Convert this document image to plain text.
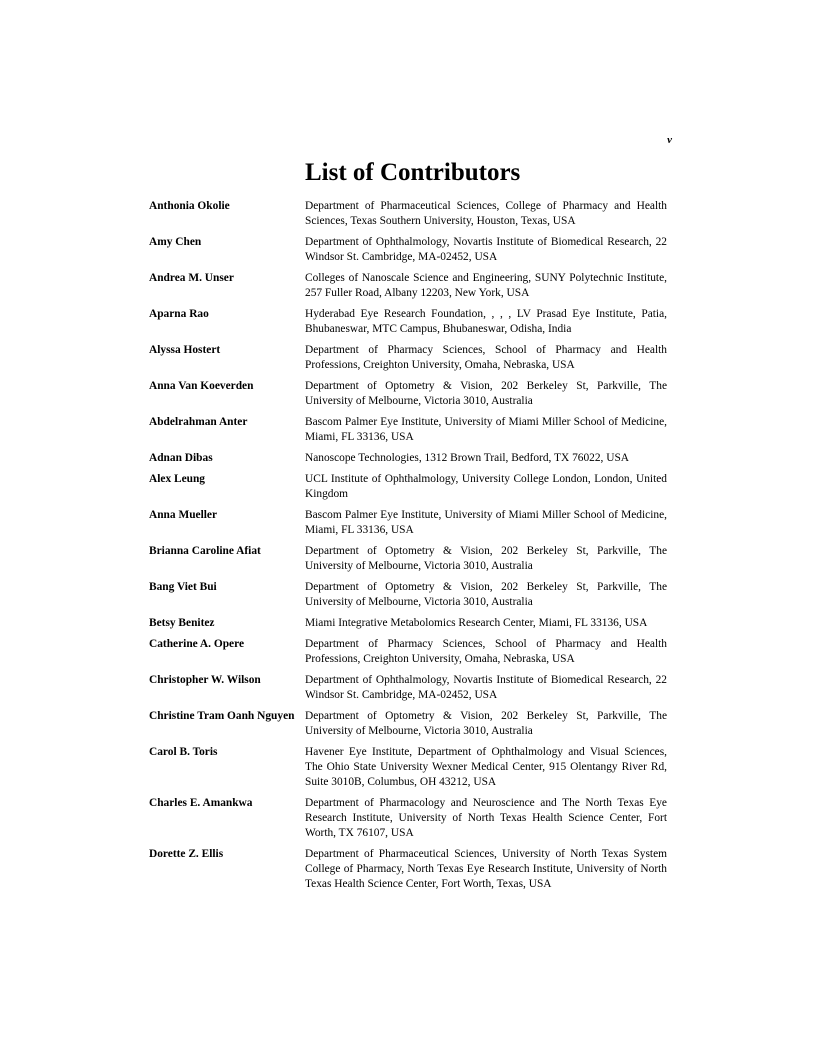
v
List of Contributors
Anthonia Okolie	Department of Pharmaceutical Sciences, College of Pharmacy and Health Sciences, Texas Southern University, Houston, Texas, USA
Amy Chen	Department of Ophthalmology, Novartis Institute of Biomedical Research, 22 Windsor St. Cambridge, MA-02452, USA
Andrea M. Unser	Colleges of Nanoscale Science and Engineering, SUNY Polytechnic Institute, 257 Fuller Road, Albany 12203, New York, USA
Aparna Rao	Hyderabad Eye Research Foundation, , , , LV Prasad Eye Institute, Patia, Bhubaneswar, MTC Campus, Bhubaneswar, Odisha, India
Alyssa Hostert	Department of Pharmacy Sciences, School of Pharmacy and Health Professions, Creighton University, Omaha, Nebraska, USA
Anna Van Koeverden	Department of Optometry & Vision, 202 Berkeley St, Parkville, The University of Melbourne, Victoria 3010, Australia
Abdelrahman Anter	Bascom Palmer Eye Institute, University of Miami Miller School of Medicine, Miami, FL 33136, USA
Adnan Dibas	Nanoscope Technologies, 1312 Brown Trail, Bedford, TX 76022, USA
Alex Leung	UCL Institute of Ophthalmology, University College London, London, United Kingdom
Anna Mueller	Bascom Palmer Eye Institute, University of Miami Miller School of Medicine, Miami, FL 33136, USA
Brianna Caroline Afiat	Department of Optometry & Vision, 202 Berkeley St, Parkville, The University of Melbourne, Victoria 3010, Australia
Bang Viet Bui	Department of Optometry & Vision, 202 Berkeley St, Parkville, The University of Melbourne, Victoria 3010, Australia
Betsy Benitez	Miami Integrative Metabolomics Research Center, Miami, FL 33136, USA
Catherine A. Opere	Department of Pharmacy Sciences, School of Pharmacy and Health Professions, Creighton University, Omaha, Nebraska, USA
Christopher W. Wilson	Department of Ophthalmology, Novartis Institute of Biomedical Research, 22 Windsor St. Cambridge, MA-02452, USA
Christine Tram Oanh Nguyen Department of Optometry & Vision, 202 Berkeley St, Parkville, The University of Melbourne, Victoria 3010, Australia
Carol B. Toris	Havener Eye Institute, Department of Ophthalmology and Visual Sciences, The Ohio State University Wexner Medical Center, 915 Olentangy River Rd, Suite 3010B, Columbus, OH 43212, USA
Charles E. Amankwa	Department of Pharmacology and Neuroscience and The North Texas Eye Research Institute, University of North Texas Health Science Center, Fort Worth, TX 76107, USA
Dorette Z. Ellis	Department of Pharmaceutical Sciences, University of North Texas System College of Pharmacy, North Texas Eye Research Institute, University of North Texas Health Science Center, Fort Worth, Texas, USA
